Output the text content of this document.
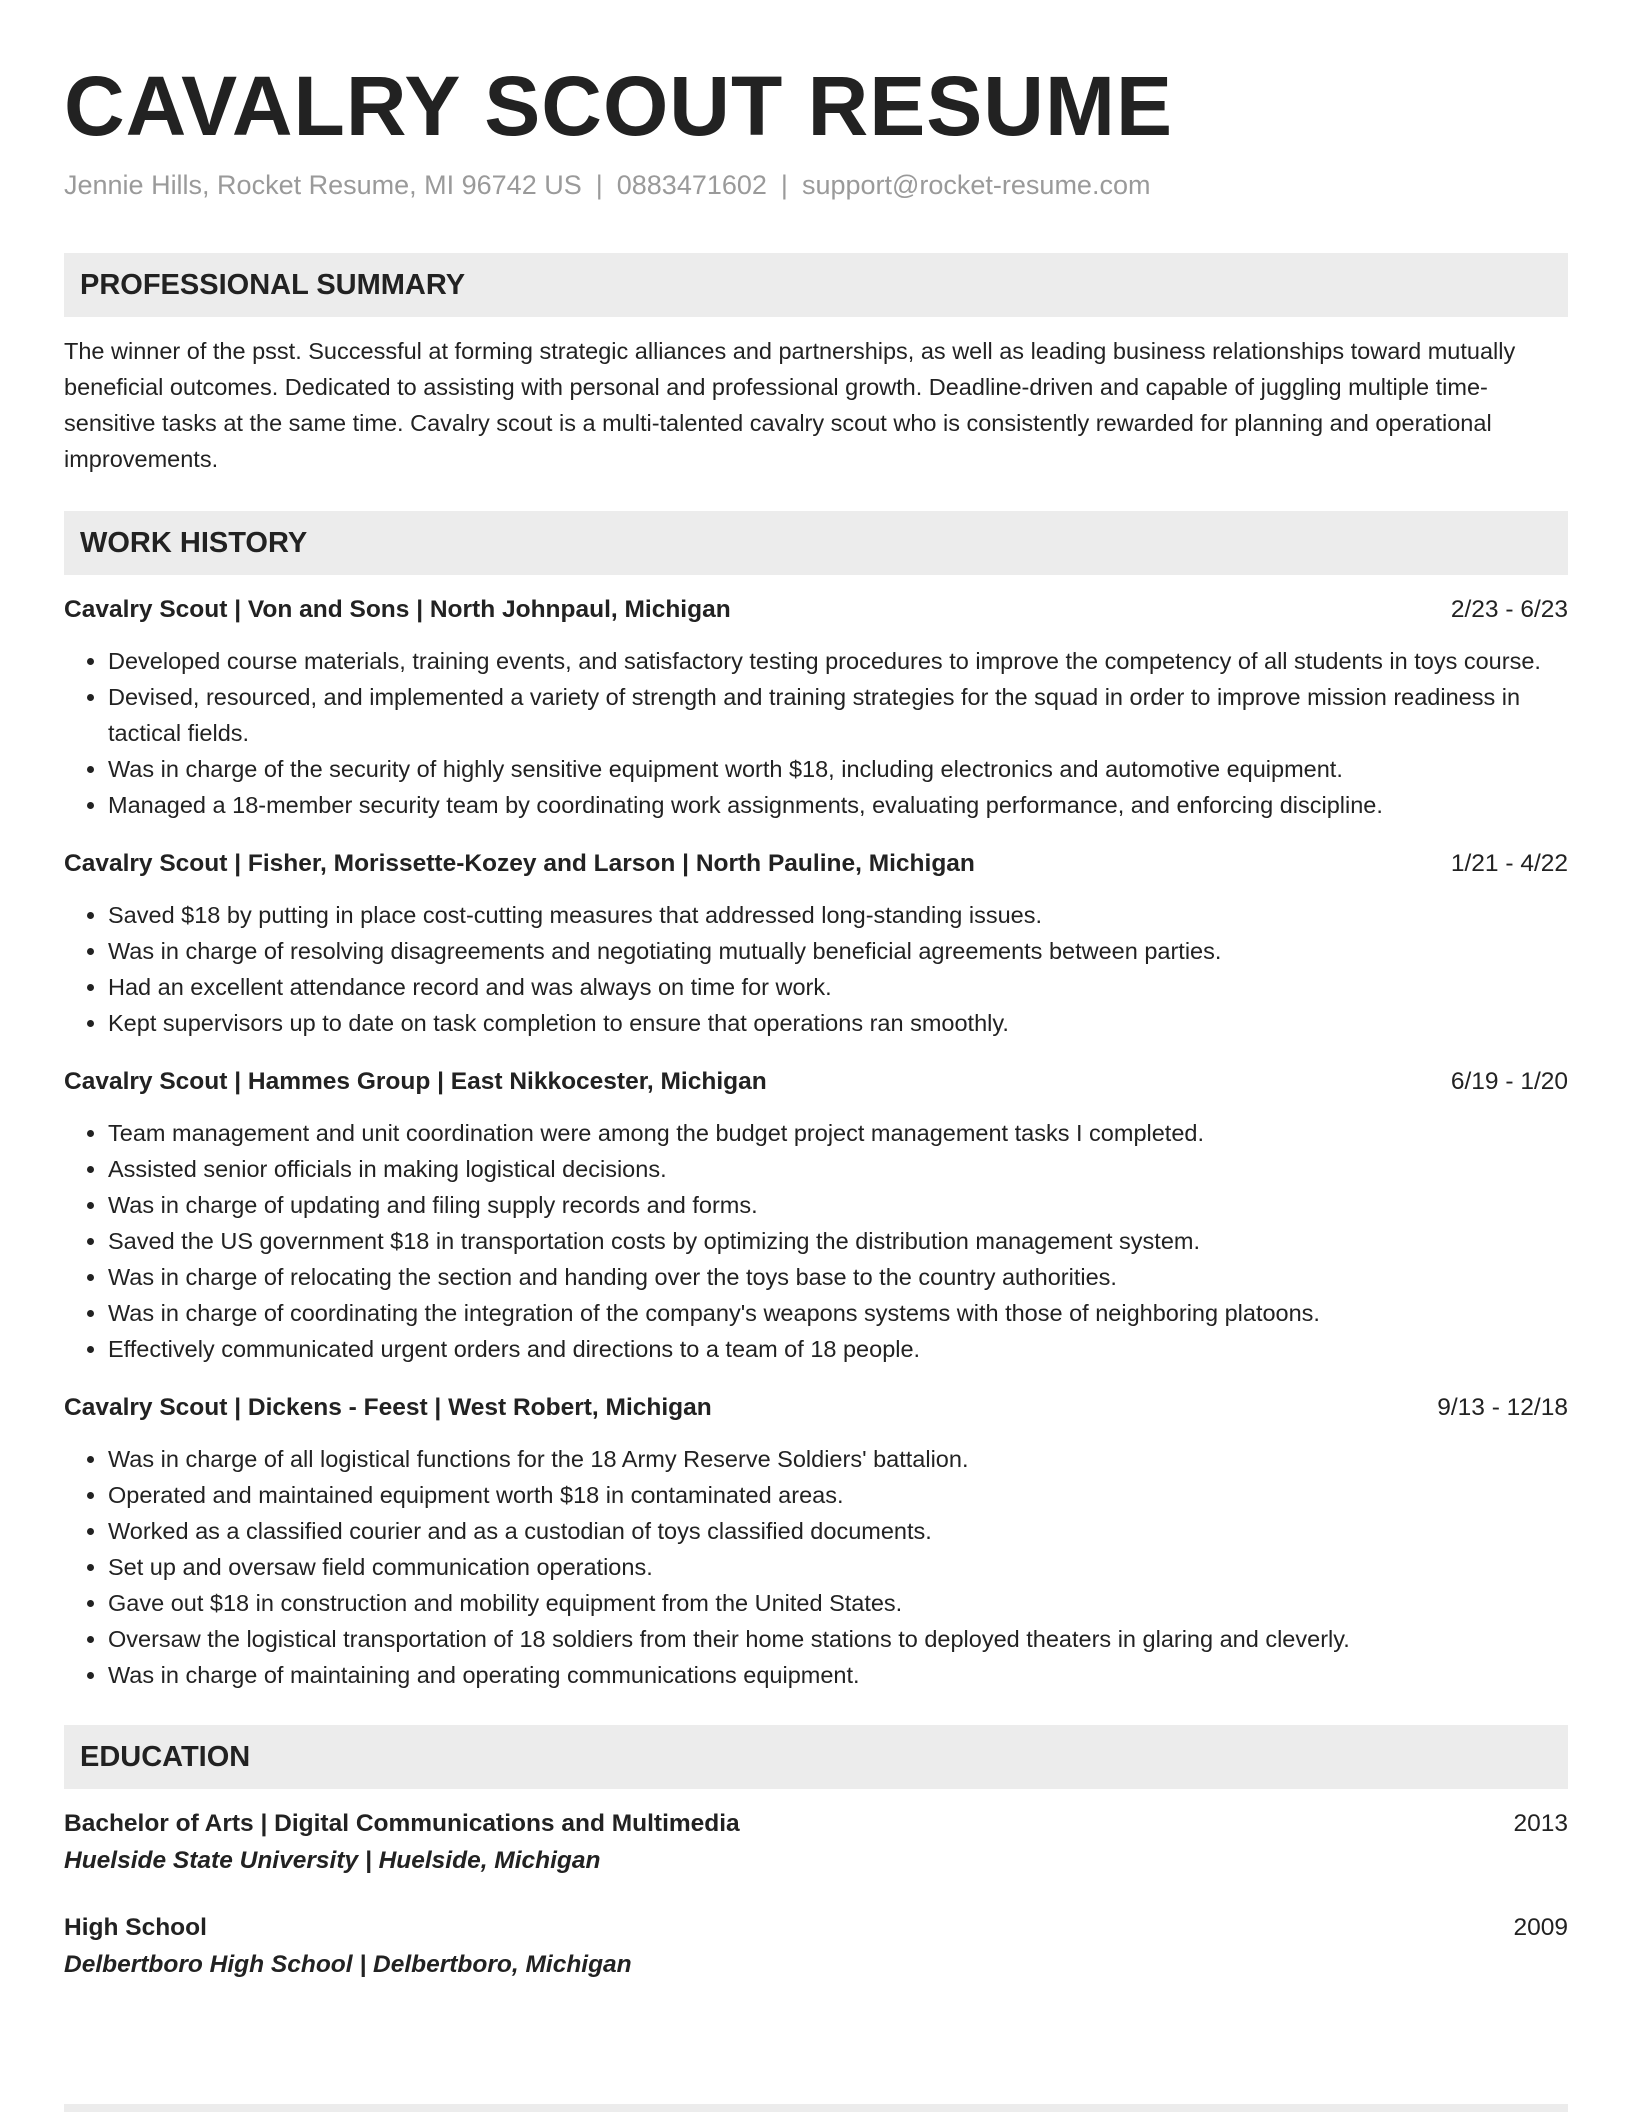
CAVALRY SCOUT RESUME
Jennie Hills, Rocket Resume, MI 96742 US | 0883471602 | support@rocket-resume.com
PROFESSIONAL SUMMARY
The winner of the psst. Successful at forming strategic alliances and partnerships, as well as leading business relationships toward mutually beneficial outcomes. Dedicated to assisting with personal and professional growth. Deadline-driven and capable of juggling multiple time-sensitive tasks at the same time. Cavalry scout is a multi-talented cavalry scout who is consistently rewarded for planning and operational improvements.
WORK HISTORY
Cavalry Scout | Von and Sons | North Johnpaul, Michigan	2/23 - 6/23
• Developed course materials, training events, and satisfactory testing procedures to improve the competency of all students in toys course.
• Devised, resourced, and implemented a variety of strength and training strategies for the squad in order to improve mission readiness in tactical fields.
• Was in charge of the security of highly sensitive equipment worth $18, including electronics and automotive equipment.
• Managed a 18-member security team by coordinating work assignments, evaluating performance, and enforcing discipline.
Cavalry Scout | Fisher, Morissette-Kozey and Larson | North Pauline, Michigan	1/21 - 4/22
• Saved $18 by putting in place cost-cutting measures that addressed long-standing issues.
• Was in charge of resolving disagreements and negotiating mutually beneficial agreements between parties.
• Had an excellent attendance record and was always on time for work.
• Kept supervisors up to date on task completion to ensure that operations ran smoothly.
Cavalry Scout | Hammes Group | East Nikkocester, Michigan	6/19 - 1/20
• Team management and unit coordination were among the budget project management tasks I completed.
• Assisted senior officials in making logistical decisions.
• Was in charge of updating and filing supply records and forms.
• Saved the US government $18 in transportation costs by optimizing the distribution management system.
• Was in charge of relocating the section and handing over the toys base to the country authorities.
• Was in charge of coordinating the integration of the company's weapons systems with those of neighboring platoons.
• Effectively communicated urgent orders and directions to a team of 18 people.
Cavalry Scout | Dickens - Feest | West Robert, Michigan	9/13 - 12/18
• Was in charge of all logistical functions for the 18 Army Reserve Soldiers' battalion.
• Operated and maintained equipment worth $18 in contaminated areas.
• Worked as a classified courier and as a custodian of toys classified documents.
• Set up and oversaw field communication operations.
• Gave out $18 in construction and mobility equipment from the United States.
• Oversaw the logistical transportation of 18 soldiers from their home stations to deployed theaters in glaring and cleverly.
• Was in charge of maintaining and operating communications equipment.
EDUCATION
Bachelor of Arts | Digital Communications and Multimedia	2013
Huelside State University | Huelside, Michigan
High School	2009
Delbertboro High School | Delbertboro, Michigan
